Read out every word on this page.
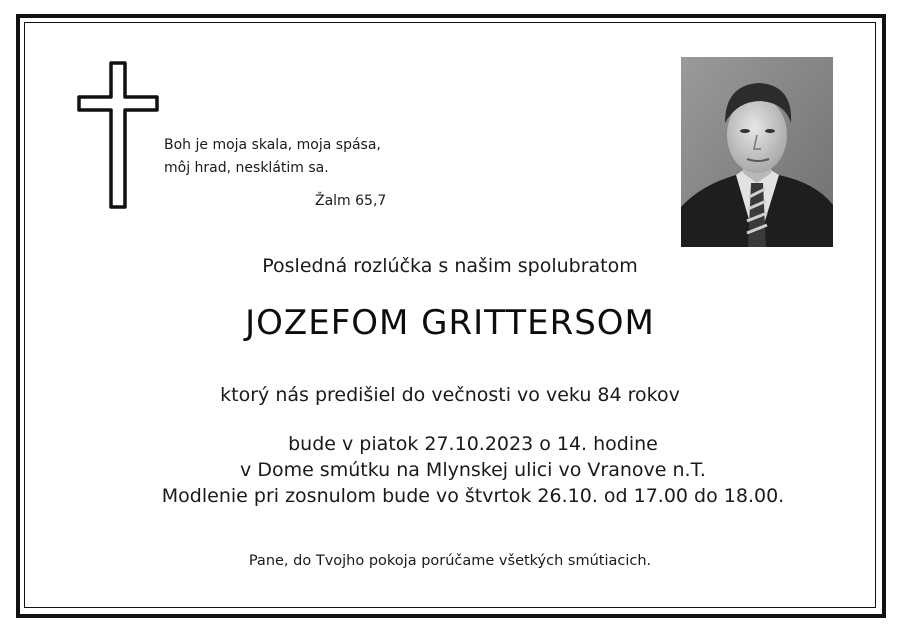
Boh je moja skala, moja spása,
môj hrad, nesklátim sa.
Žalm 65,7
Posledná rozlúčka s našim spolubratom
JOZEFOM GRITTERSOM
ktorý nás predišiel do večnosti vo veku 84 rokov
bude v piatok 27.10.2023 o 14. hodine
v Dome smútku na Mlynskej ulici vo Vranove n.T.
Modlenie pri zosnulom bude vo štvrtok 26.10. od 17.00 do 18.00.
Pane, do Tvojho pokoja porúčame všetkých smútiacich.
